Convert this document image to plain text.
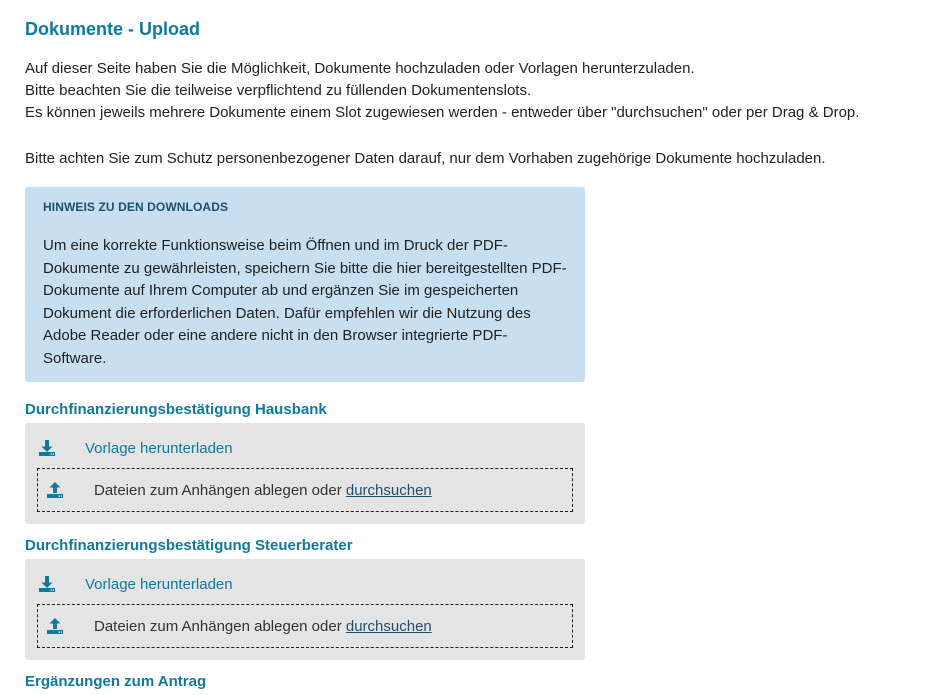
Dokumente - Upload

Auf dieser Seite haben Sie die Möglichkeit, Dokumente hochzuladen oder Vorlagen herunterzuladen.

Bitte beachten Sie die teilweise verpflichtend zu füllenden Dokumentenslots.

Es können jeweils mehrere Dokumente einem Slot zugewiesen werden - entweder über "durchsuchen" oder per Drag & Drop.

Bitte achten Sie zum Schutz personenbezogener Daten darauf, nur dem Vorhaben zugehörige Dokumente hochzuladen.
HINWEIS ZU DEN DOWNLOADS
Um eine korrekte Funktionsweise beim Öffnen und im Druck der PDF-Dokumente zu gewährleisten, speichern Sie bitte die hier bereitgestellten PDF-Dokumente auf Ihrem Computer ab und ergänzen Sie im gespeicherten Dokument die erforderlichen Daten. Dafür empfehlen wir die Nutzung des Adobe Reader oder eine andere nicht in den Browser integrierte PDF-Software.
Durchfinanzierungsbestätigung Hausbank
Vorlage herunterladen
Dateien zum Anhängen ablegen oder durchsuchen
Durchfinanzierungsbestätigung Steuerberater
Vorlage herunterladen
Dateien zum Anhängen ablegen oder durchsuchen
Ergänzungen zum Antrag
